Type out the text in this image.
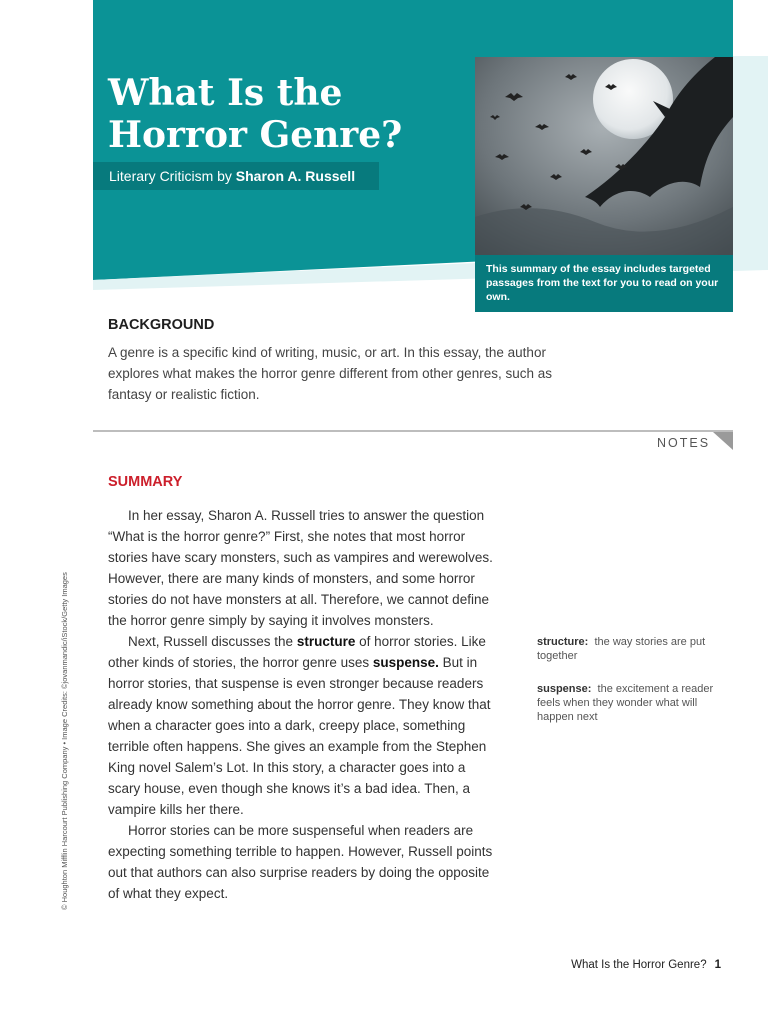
What Is the Horror Genre?
Literary Criticism by Sharon A. Russell
This summary of the essay includes targeted passages from the text for you to read on your own.
BACKGROUND

A genre is a specific kind of writing, music, or art. In this essay, the author explores what makes the horror genre different from other genres, such as fantasy or realistic fiction.

NOTES
SUMMARY

In her essay, Sharon A. Russell tries to answer the question “What is the horror genre?” First, she notes that most horror stories have scary monsters, such as vampires and werewolves. However, there are many kinds of monsters, and some horror stories do not have monsters at all. Therefore, we cannot define the horror genre simply by saying it involves monsters.

Next, Russell discusses the structure of horror stories. Like other kinds of stories, the horror genre uses suspense. But in horror stories, that suspense is even stronger because readers already know something about the horror genre. They know that when a character goes into a dark, creepy place, something terrible often happens. She gives an example from the Stephen King novel Salem’s Lot. In this story, a character goes into a scary house, even though she knows it’s a bad idea. Then, a vampire kills her there.

Horror stories can be more suspenseful when readers are expecting something terrible to happen. However, Russell points out that authors can also surprise readers by doing the opposite of what they expect.

structure: the way stories are put together
suspense: the excitement a reader feels when they wonder what will happen next
© Houghton Mifflin Harcourt Publishing Company • Image Credits: ©jovanmandic/iStock/Getty Images
What Is the Horror Genre? 1
